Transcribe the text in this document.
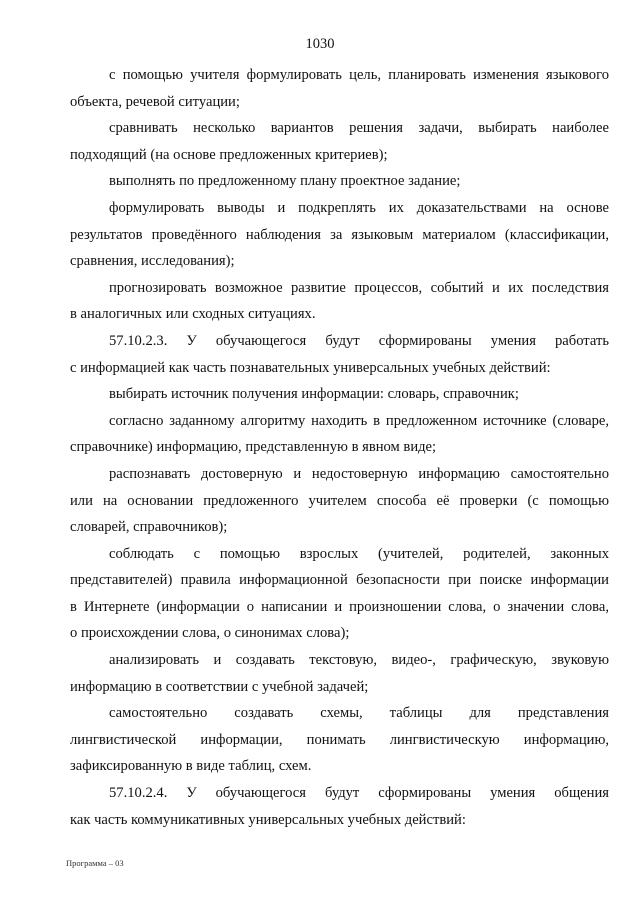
1030
с помощью учителя формулировать цель, планировать изменения языкового
объекта, речевой ситуации;
сравнивать несколько вариантов решения задачи, выбирать наиболее
подходящий (на основе предложенных критериев);
выполнять по предложенному плану проектное задание;
формулировать выводы и подкреплять их доказательствами на основе
результатов проведённого наблюдения за языковым материалом (классификации,
сравнения, исследования);
прогнозировать возможное развитие процессов, событий и их последствия
в аналогичных или сходных ситуациях.
57.10.2.3. У обучающегося будут сформированы умения работать
с информацией как часть познавательных универсальных учебных действий:
выбирать источник получения информации: словарь, справочник;
согласно заданному алгоритму находить в предложенном источнике (словаре,
справочнике) информацию, представленную в явном виде;
распознавать достоверную и недостоверную информацию самостоятельно
или на основании предложенного учителем способа её проверки (с помощью
словарей, справочников);
соблюдать с помощью взрослых (учителей, родителей, законных
представителей) правила информационной безопасности при поиске информации
в Интернете (информации о написании и произношении слова, о значении слова,
о происхождении слова, о синонимах слова);
анализировать и создавать текстовую, видео-, графическую, звуковую
информацию в соответствии с учебной задачей;
самостоятельно создавать схемы, таблицы для представления
лингвистической информации, понимать лингвистическую информацию,
зафиксированную в виде таблиц, схем.
57.10.2.4. У обучающегося будут сформированы умения общения
как часть коммуникативных универсальных учебных действий:
Программа – 03
